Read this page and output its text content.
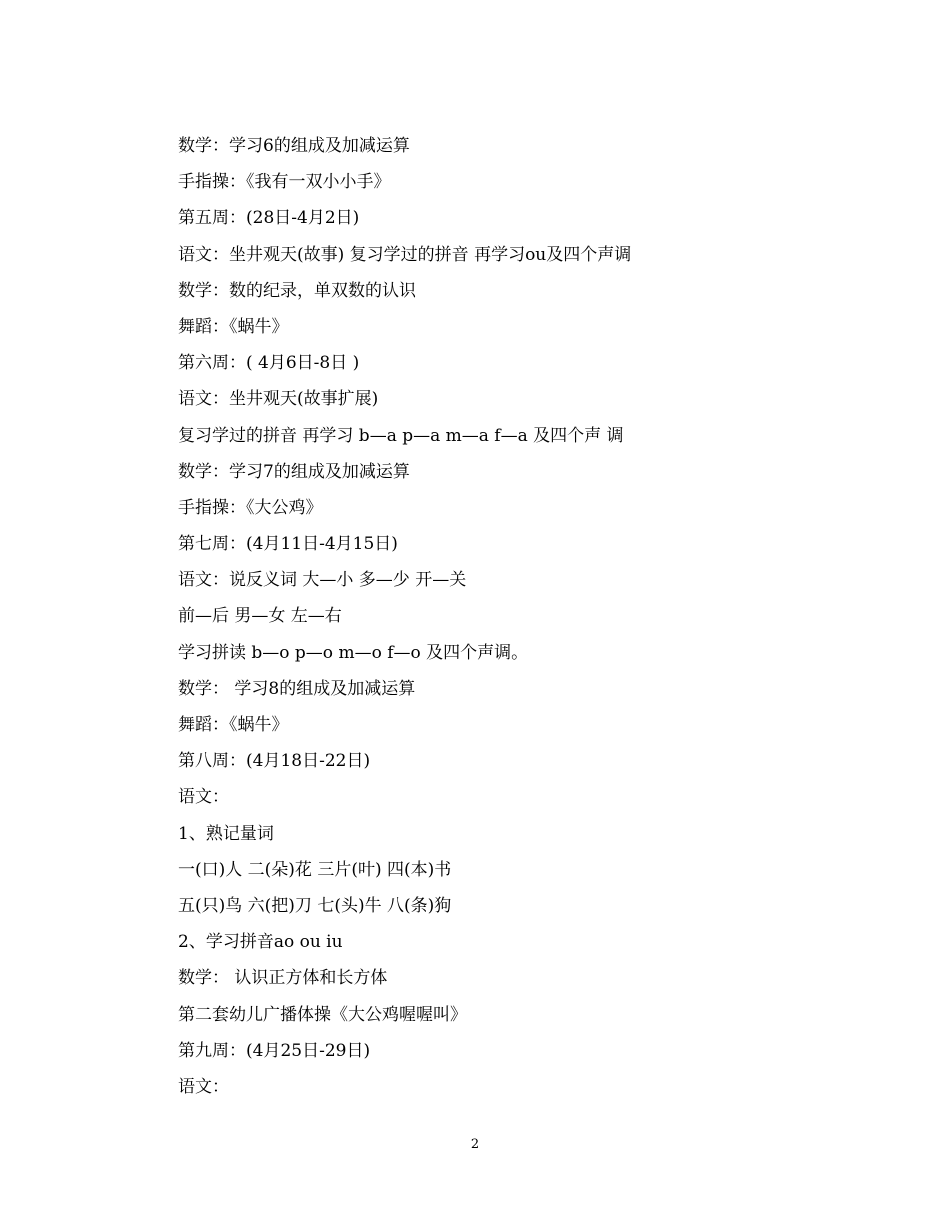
数学：学习6的组成及加减运算
手指操：《我有一双小小手》
第五周：(28日-4月2日)
语文：坐井观天(故事) 复习学过的拼音 再学习ou及四个声调
数学：数的纪录，单双数的认识
舞蹈：《蜗牛》
第六周：( 4月6日-8日 )
语文：坐井观天(故事扩展)
复习学过的拼音 再学习 b—a p—a m—a f—a 及四个声 调
数学：学习7的组成及加减运算
手指操：《大公鸡》
第七周：(4月11日-4月15日)
语文：说反义词 大—小 多—少 开—关
前—后 男—女 左—右
学习拼读 b—o p—o m—o f—o 及四个声调。
数学： 学习8的组成及加减运算
舞蹈：《蜗牛》
第八周：(4月18日-22日)
语文：
1、熟记量词
一(口)人 二(朵)花 三片(叶) 四(本)书
五(只)鸟 六(把)刀 七(头)牛 八(条)狗
2、学习拼音ao ou iu
数学： 认识正方体和长方体
第二套幼儿广播体操《大公鸡喔喔叫》
第九周：(4月25日-29日)
语文：
2
